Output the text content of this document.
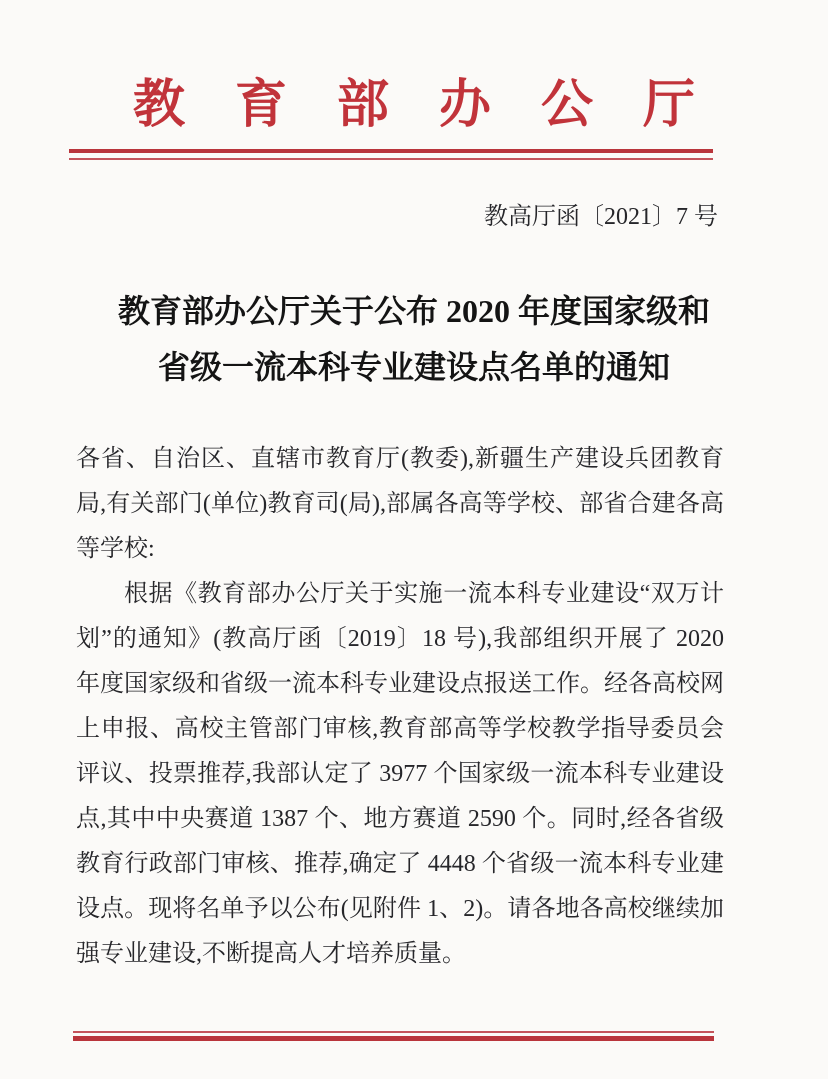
教育部办公厅
教高厅函〔2021〕7 号
教育部办公厅关于公布 2020 年度国家级和
省级一流本科专业建设点名单的通知

各省、自治区、直辖市教育厅(教委),新疆生产建设兵团教育局,有关部门(单位)教育司(局),部属各高等学校、部省合建各高等学校:

根据《教育部办公厅关于实施一流本科专业建设“双万计划”的通知》(教高厅函〔2019〕18 号),我部组织开展了 2020 年度国家级和省级一流本科专业建设点报送工作。经各高校网上申报、高校主管部门审核,教育部高等学校教学指导委员会评议、投票推荐,我部认定了 3977 个国家级一流本科专业建设点,其中中央赛道 1387 个、地方赛道 2590 个。同时,经各省级教育行政部门审核、推荐,确定了 4448 个省级一流本科专业建设点。现将名单予以公布(见附件 1、2)。请各地各高校继续加强专业建设,不断提高人才培养质量。
